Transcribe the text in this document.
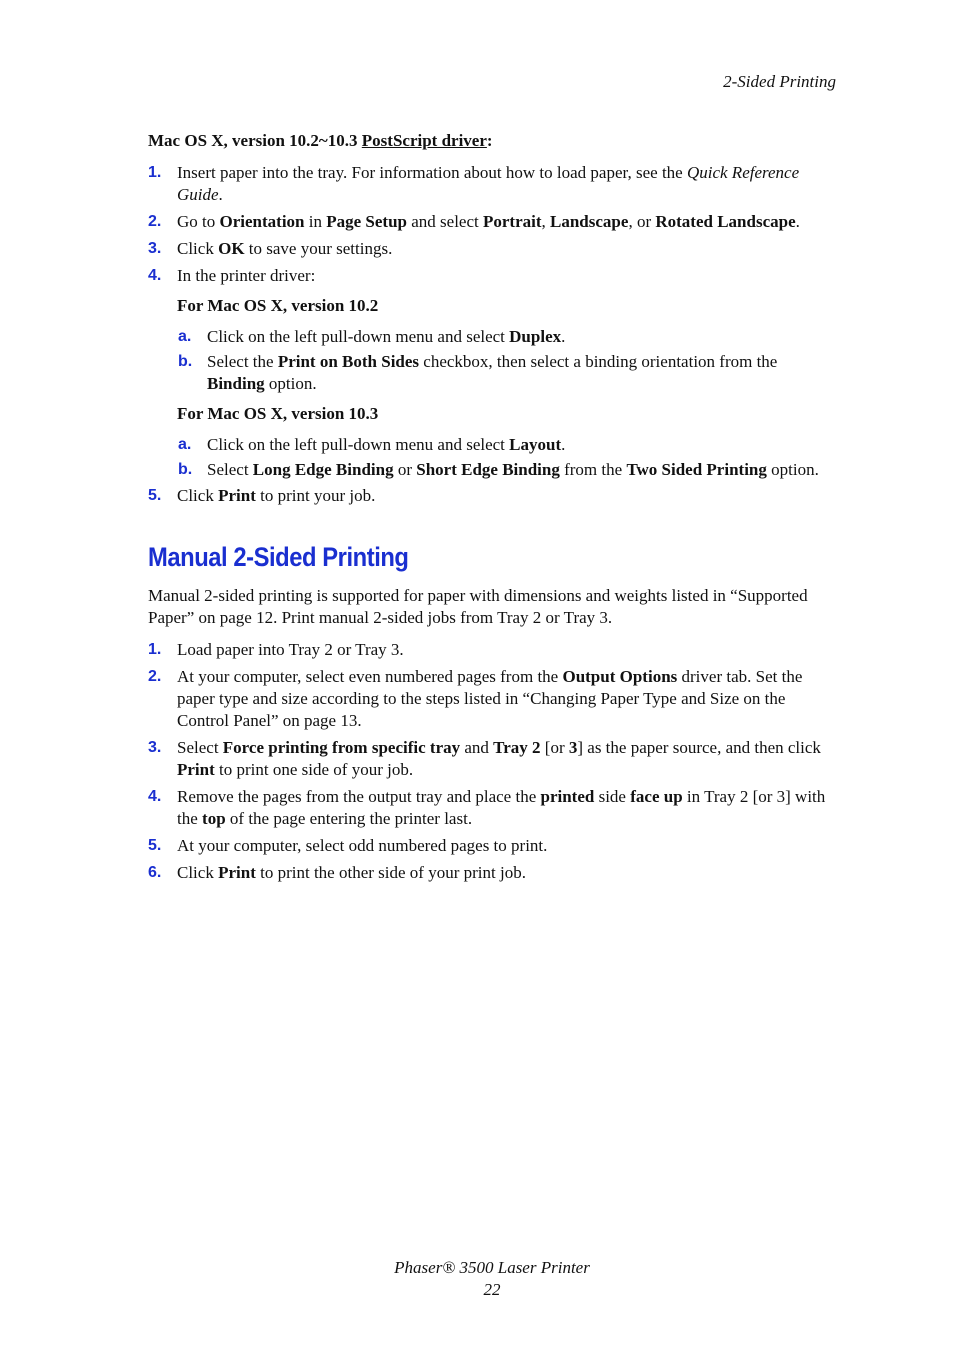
2-Sided Printing

Mac OS X, version 10.2~10.3 PostScript driver:

1. Insert paper into the tray. For information about how to load paper, see the Quick Reference Guide.
2. Go to Orientation in Page Setup and select Portrait, Landscape, or Rotated Landscape.
3. Click OK to save your settings.
4. In the printer driver:
For Mac OS X, version 10.2
a. Click on the left pull-down menu and select Duplex.
b. Select the Print on Both Sides checkbox, then select a binding orientation from the Binding option.
For Mac OS X, version 10.3
a. Click on the left pull-down menu and select Layout.
b. Select Long Edge Binding or Short Edge Binding from the Two Sided Printing option.
5. Click Print to print your job.
Manual 2-Sided Printing

Manual 2-sided printing is supported for paper with dimensions and weights listed in “Supported Paper” on page 12. Print manual 2-sided jobs from Tray 2 or Tray 3.

1. Load paper into Tray 2 or Tray 3.
2. At your computer, select even numbered pages from the Output Options driver tab. Set the paper type and size according to the steps listed in “Changing Paper Type and Size on the Control Panel” on page 13.
3. Select Force printing from specific tray and Tray 2 [or 3] as the paper source, and then click Print to print one side of your job.
4. Remove the pages from the output tray and place the printed side face up in Tray 2 [or 3] with the top of the page entering the printer last.
5. At your computer, select odd numbered pages to print.
6. Click Print to print the other side of your print job.
Phaser® 3500 Laser Printer
22
